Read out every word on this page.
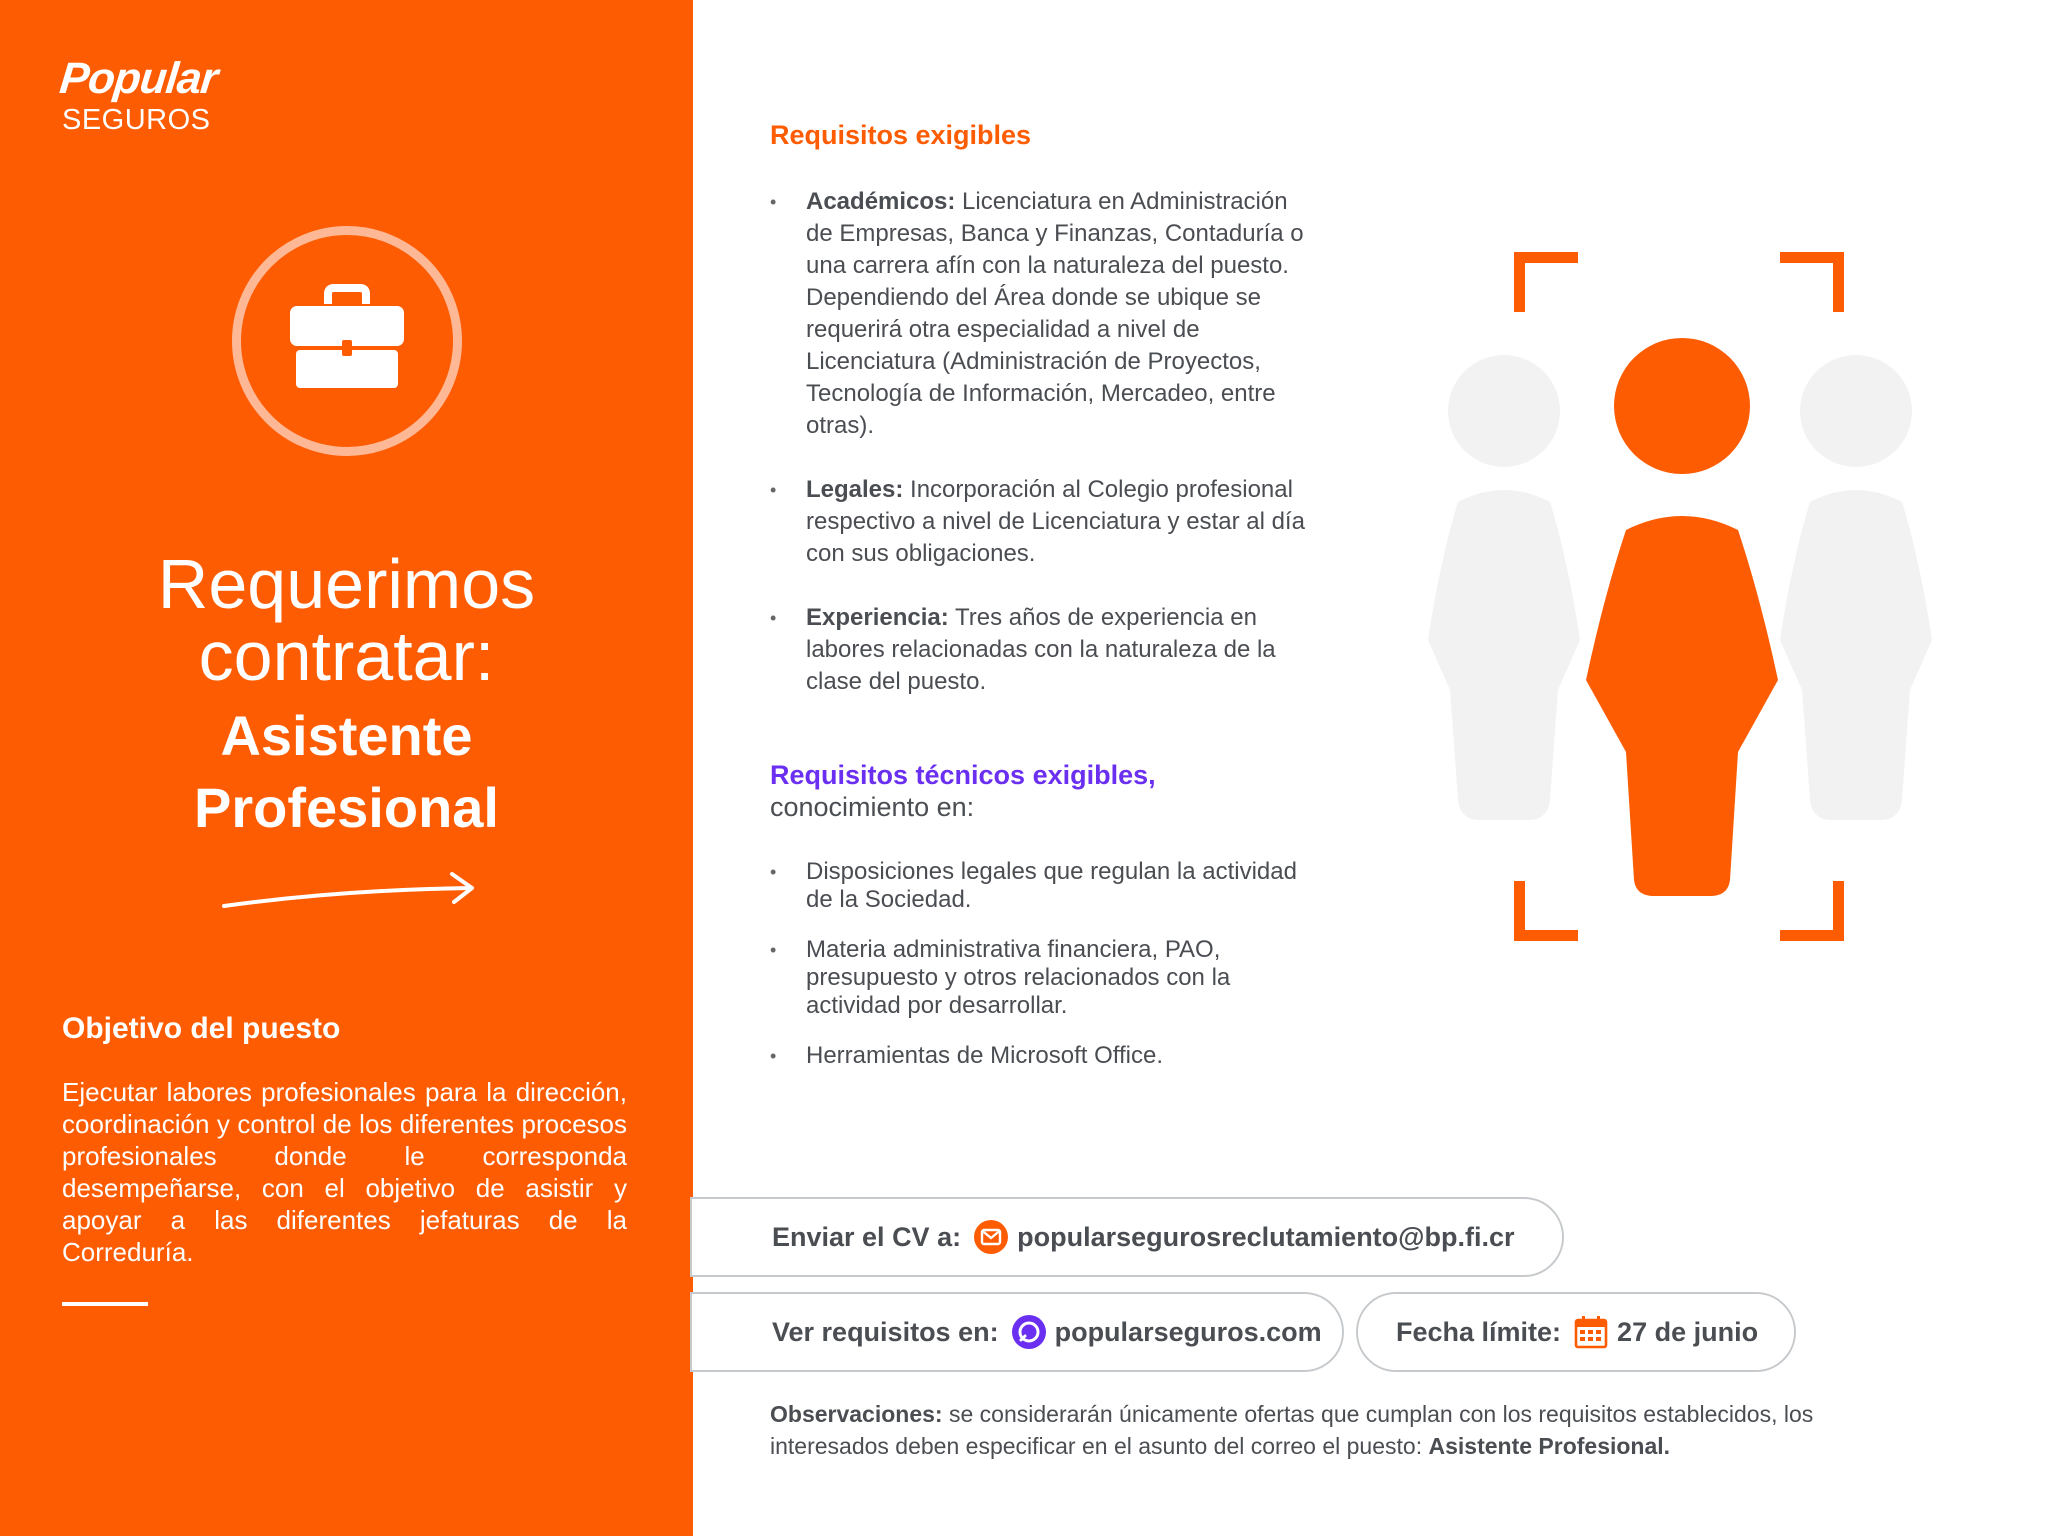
Popular
SEGUROS
Requerimos
contratar:
Asistente
Profesional
Objetivo del puesto
Ejecutar labores profesionales para la dirección, coordinación y control de los diferentes procesos profesionales donde le corresponda desempeñarse, con el objetivo de asistir y apoyar a las diferentes jefaturas de la Correduría.
Requisitos exigibles
• Académicos: Licenciatura en Administración de Empresas, Banca y Finanzas, Contaduría o una carrera afín con la naturaleza del puesto. Dependiendo del Área donde se ubique se requerirá otra especialidad a nivel de Licenciatura (Administración de Proyectos, Tecnología de Información, Mercadeo, entre otras).
• Legales: Incorporación al Colegio profesional respectivo a nivel de Licenciatura y estar al día con sus obligaciones.
• Experiencia: Tres años de experiencia en labores relacionadas con la naturaleza de la clase del puesto.
Requisitos técnicos exigibles,
conocimiento en:
• Disposiciones legales que regulan la actividad de la Sociedad.
• Materia administrativa financiera, PAO, presupuesto y otros relacionados con la actividad por desarrollar.
• Herramientas de Microsoft Office.
Enviar el CV a: popularsegurosreclutamiento@bp.fi.cr
Ver requisitos en: popularseguros.com	Fecha límite: 27 de junio
Observaciones: se considerarán únicamente ofertas que cumplan con los requisitos establecidos, los interesados deben especificar en el asunto del correo el puesto: Asistente Profesional.
